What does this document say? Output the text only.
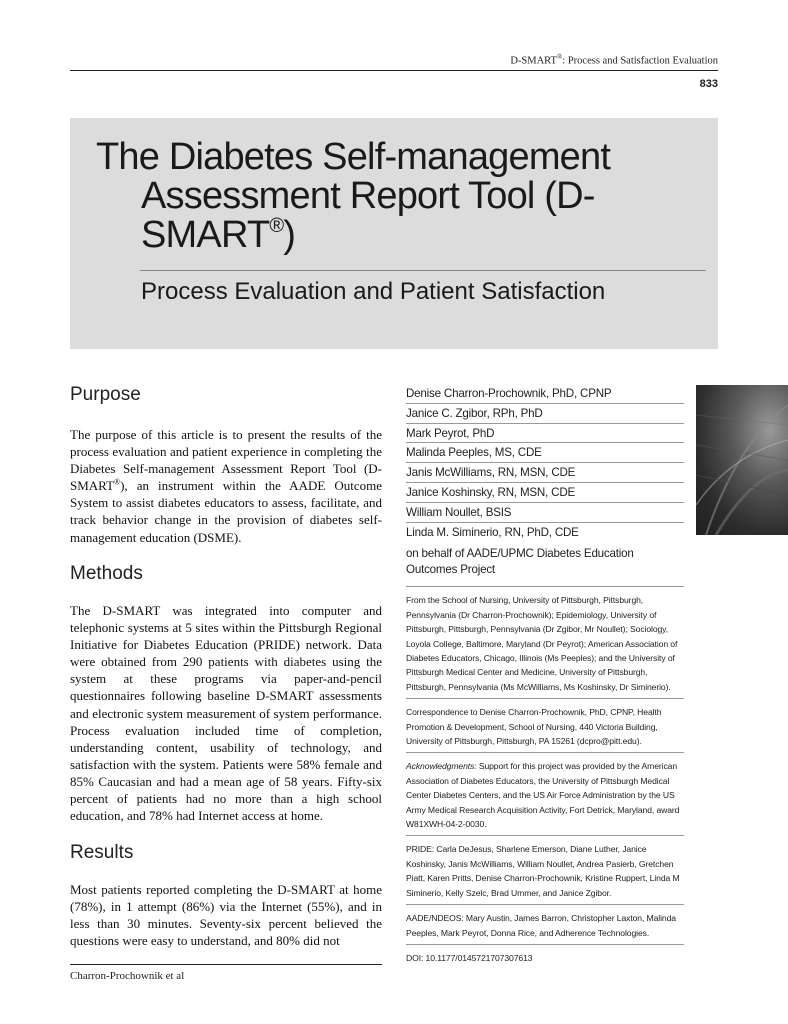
D-SMART®: Process and Satisfaction Evaluation
833
The Diabetes Self-management Assessment Report Tool (D-SMART®)
Process Evaluation and Patient Satisfaction
Purpose
The purpose of this article is to present the results of the process evaluation and patient experience in completing the Diabetes Self-management Assessment Report Tool (D-SMART®), an instrument within the AADE Outcome System to assist diabetes educators to assess, facilitate, and track behavior change in the provision of diabetes self-management education (DSME).
Methods
The D-SMART was integrated into computer and telephonic systems at 5 sites within the Pittsburgh Regional Initiative for Diabetes Education (PRIDE) network. Data were obtained from 290 patients with diabetes using the system at these programs via paper-and-pencil questionnaires following baseline D-SMART assessments and electronic system measurement of system performance. Process evaluation included time of completion, understanding content, usability of technology, and satisfaction with the system. Patients were 58% female and 85% Caucasian and had a mean age of 58 years. Fifty-six percent of patients had no more than a high school education, and 78% had Internet access at home.
Results
Most patients reported completing the D-SMART at home (78%), in 1 attempt (86%) via the Internet (55%), and in less than 30 minutes. Seventy-six percent believed the questions were easy to understand, and 80% did not
Charron-Prochownik et al
Denise Charron-Prochownik, PhD, CPNP
Janice C. Zgibor, RPh, PhD
Mark Peyrot, PhD
Malinda Peeples, MS, CDE
Janis McWilliams, RN, MSN, CDE
Janice Koshinsky, RN, MSN, CDE
William Noullet, BSIS
Linda M. Siminerio, RN, PhD, CDE
on behalf of AADE/UPMC Diabetes Education Outcomes Project
From the School of Nursing, University of Pittsburgh, Pittsburgh, Pennsylvania (Dr Charron-Prochownik); Epidemiology, University of Pittsburgh, Pittsburgh, Pennsylvania (Dr Zgibor, Mr Noullet); Sociology, Loyola College, Baltimore, Maryland (Dr Peyrot); American Association of Diabetes Educators, Chicago, Illinois (Ms Peeples); and the University of Pittsburgh Medical Center and Medicine, University of Pittsburgh, Pittsburgh, Pennsylvania (Ms McWilliams, Ms Koshinsky, Dr Siminerio).
Correspondence to Denise Charron-Prochownik, PhD, CPNP, Health Promotion & Development, School of Nursing, 440 Victoria Building, University of Pittsburgh, Pittsburgh, PA 15261 (dcpro@pitt.edu).
Acknowledgments: Support for this project was provided by the American Association of Diabetes Educators, the University of Pittsburgh Medical Center Diabetes Centers, and the US Air Force Administration by the US Army Medical Research Acquisition Activity, Fort Detrick, Maryland, award W81XWH-04-2-0030.
PRIDE: Carla DeJesus, Sharlene Emerson, Diane Luther, Janice Koshinsky, Janis McWilliams, William Noullet, Andrea Pasierb, Gretchen Piatt, Karen Pritts, Denise Charron-Prochownik, Kristine Ruppert, Linda M Siminerio, Kelly Szelc, Brad Ummer, and Janice Zgibor.
AADE/NDEOS: Mary Austin, James Barron, Christopher Laxton, Malinda Peeples, Mark Peyrot, Donna Rice, and Adherence Technologies.
DOI: 10.1177/0145721707307613
